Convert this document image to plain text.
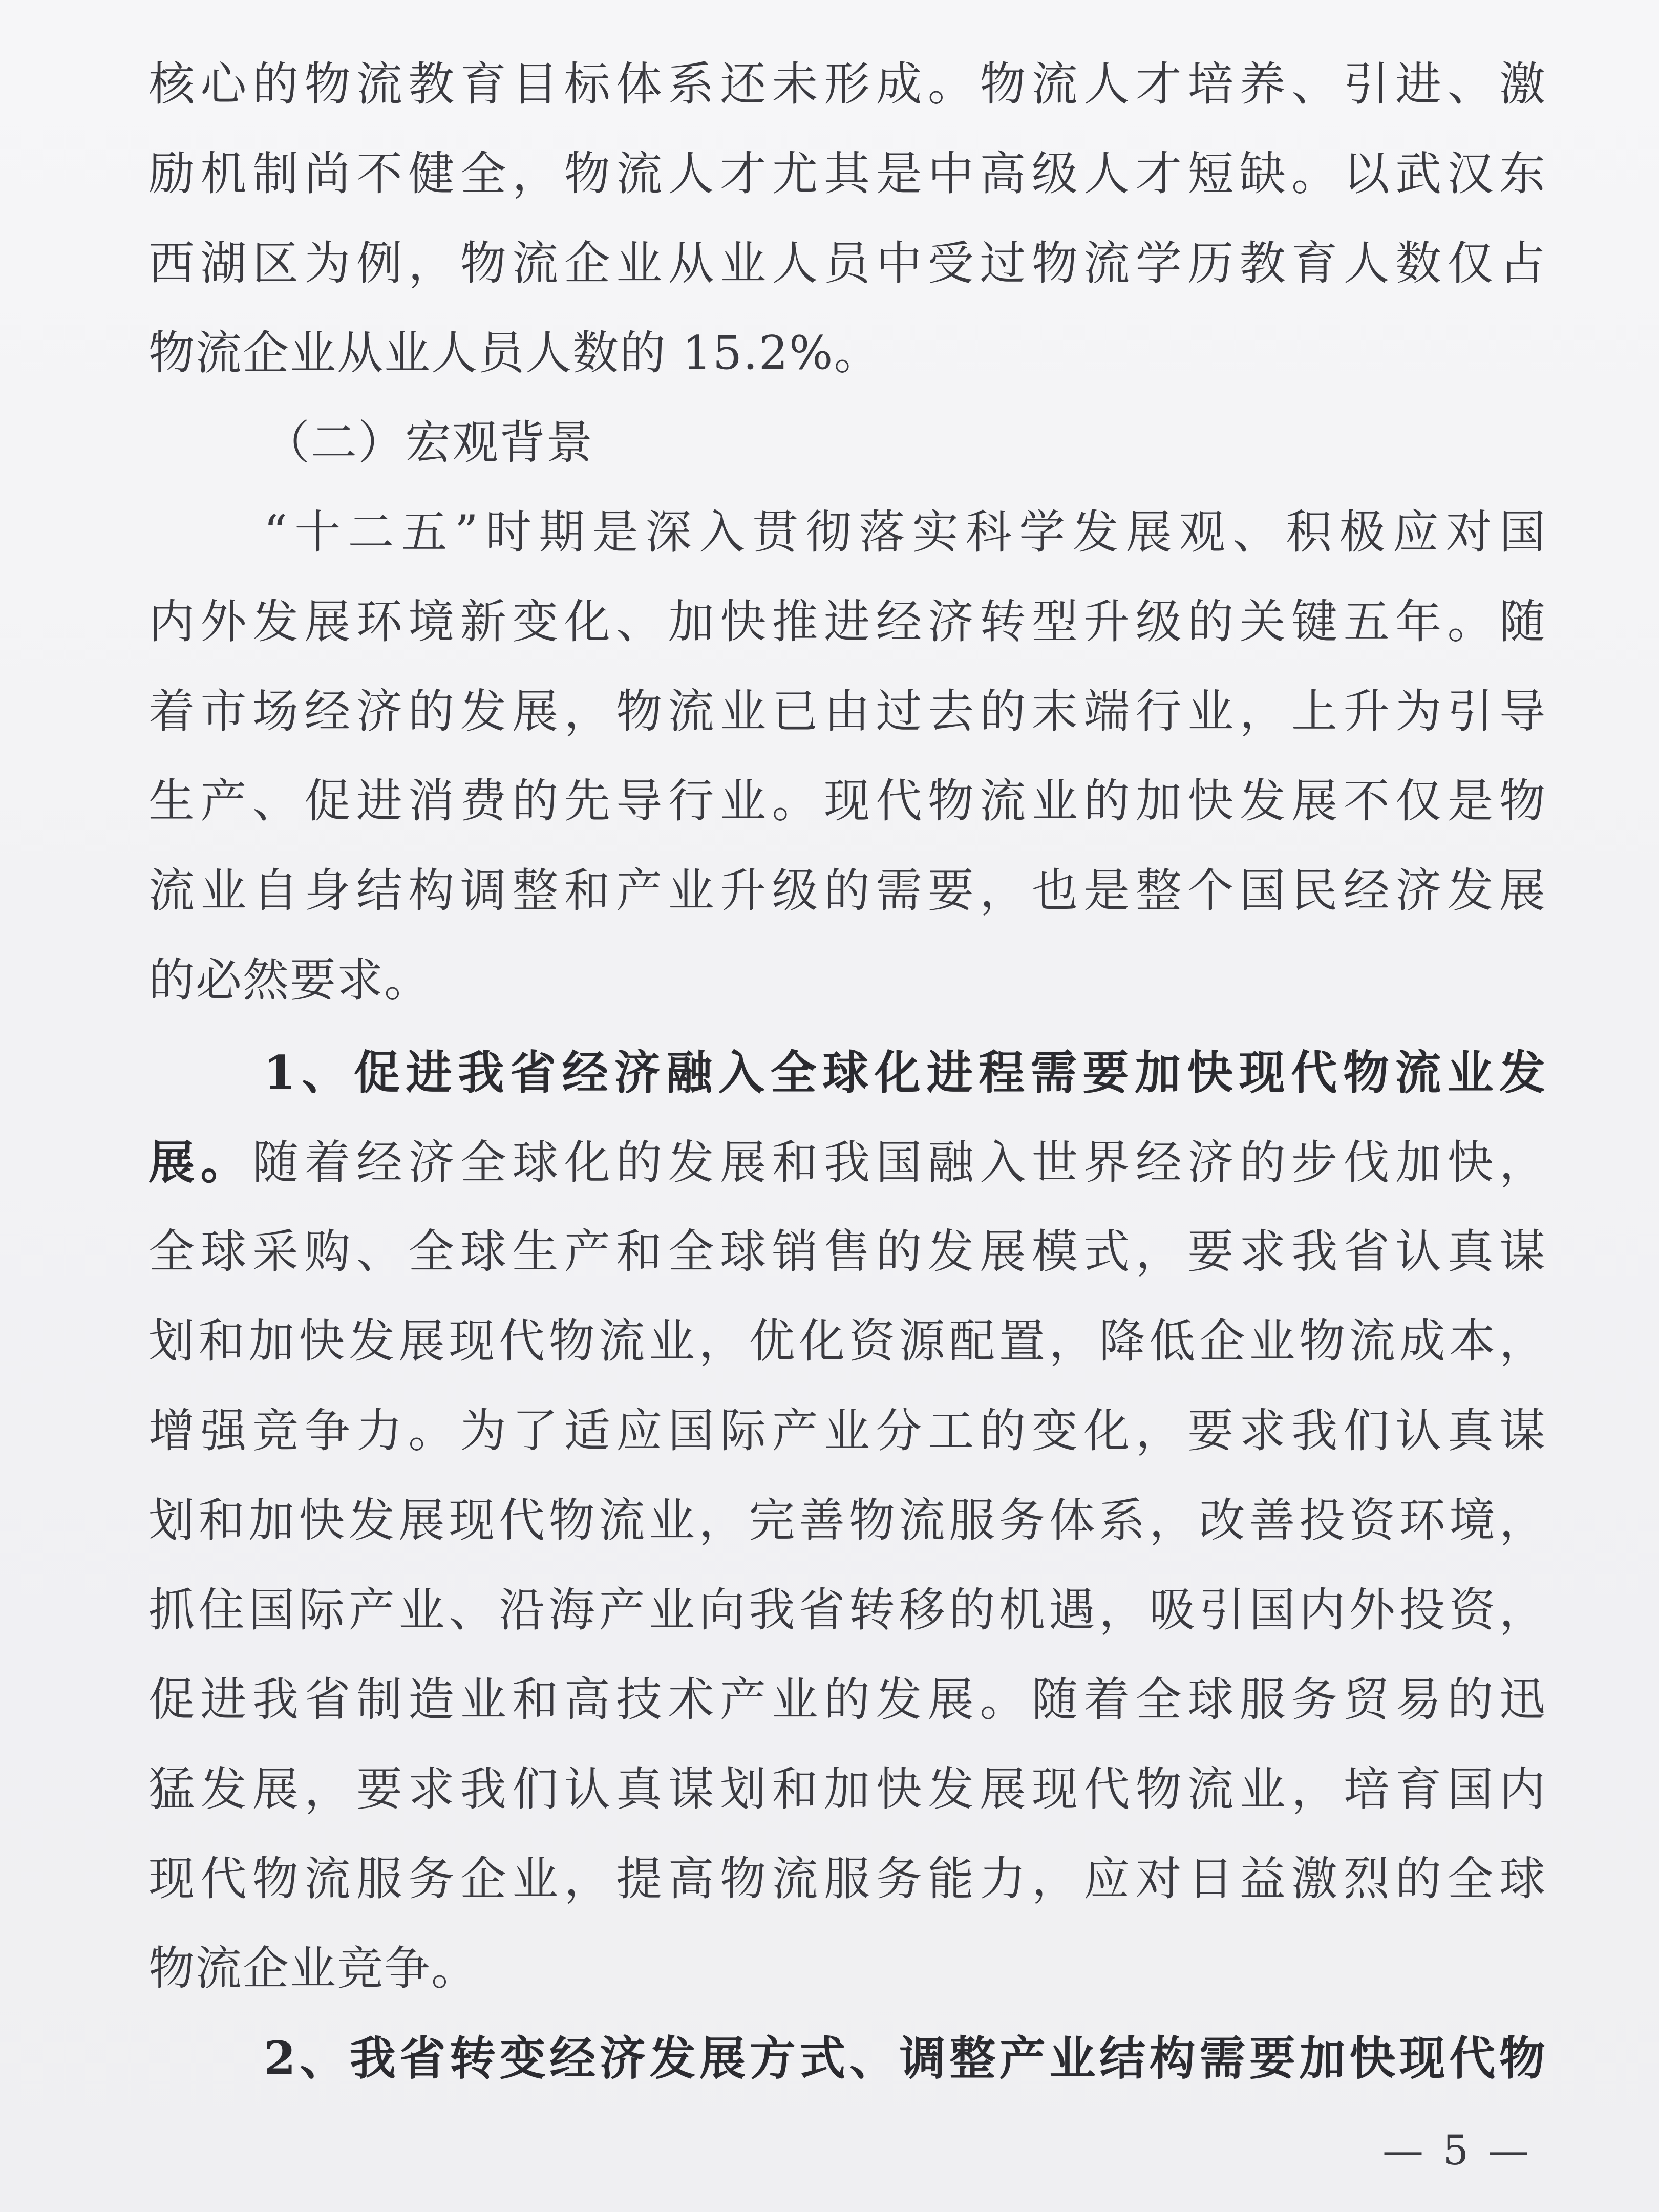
核心的物流教育目标体系还未形成。物流人才培养、引进、激
励机制尚不健全，物流人才尤其是中高级人才短缺。以武汉东
西湖区为例，物流企业从业人员中受过物流学历教育人数仅占
物流企业从业人员人数的 15.2%。
（二）宏观背景
“十二五”时期是深入贯彻落实科学发展观、积极应对国
内外发展环境新变化、加快推进经济转型升级的关键五年。随
着市场经济的发展，物流业已由过去的末端行业，上升为引导
生产、促进消费的先导行业。现代物流业的加快发展不仅是物
流业自身结构调整和产业升级的需要，也是整个国民经济发展
的必然要求。
1、促进我省经济融入全球化进程需要加快现代物流业发
展。随着经济全球化的发展和我国融入世界经济的步伐加快，
全球采购、全球生产和全球销售的发展模式，要求我省认真谋
划和加快发展现代物流业，优化资源配置，降低企业物流成本，
增强竞争力。为了适应国际产业分工的变化，要求我们认真谋
划和加快发展现代物流业，完善物流服务体系，改善投资环境，
抓住国际产业、沿海产业向我省转移的机遇，吸引国内外投资，
促进我省制造业和高技术产业的发展。随着全球服务贸易的迅
猛发展，要求我们认真谋划和加快发展现代物流业，培育国内
现代物流服务企业，提高物流服务能力，应对日益激烈的全球
物流企业竞争。
2、我省转变经济发展方式、调整产业结构需要加快现代物
— 5 —
